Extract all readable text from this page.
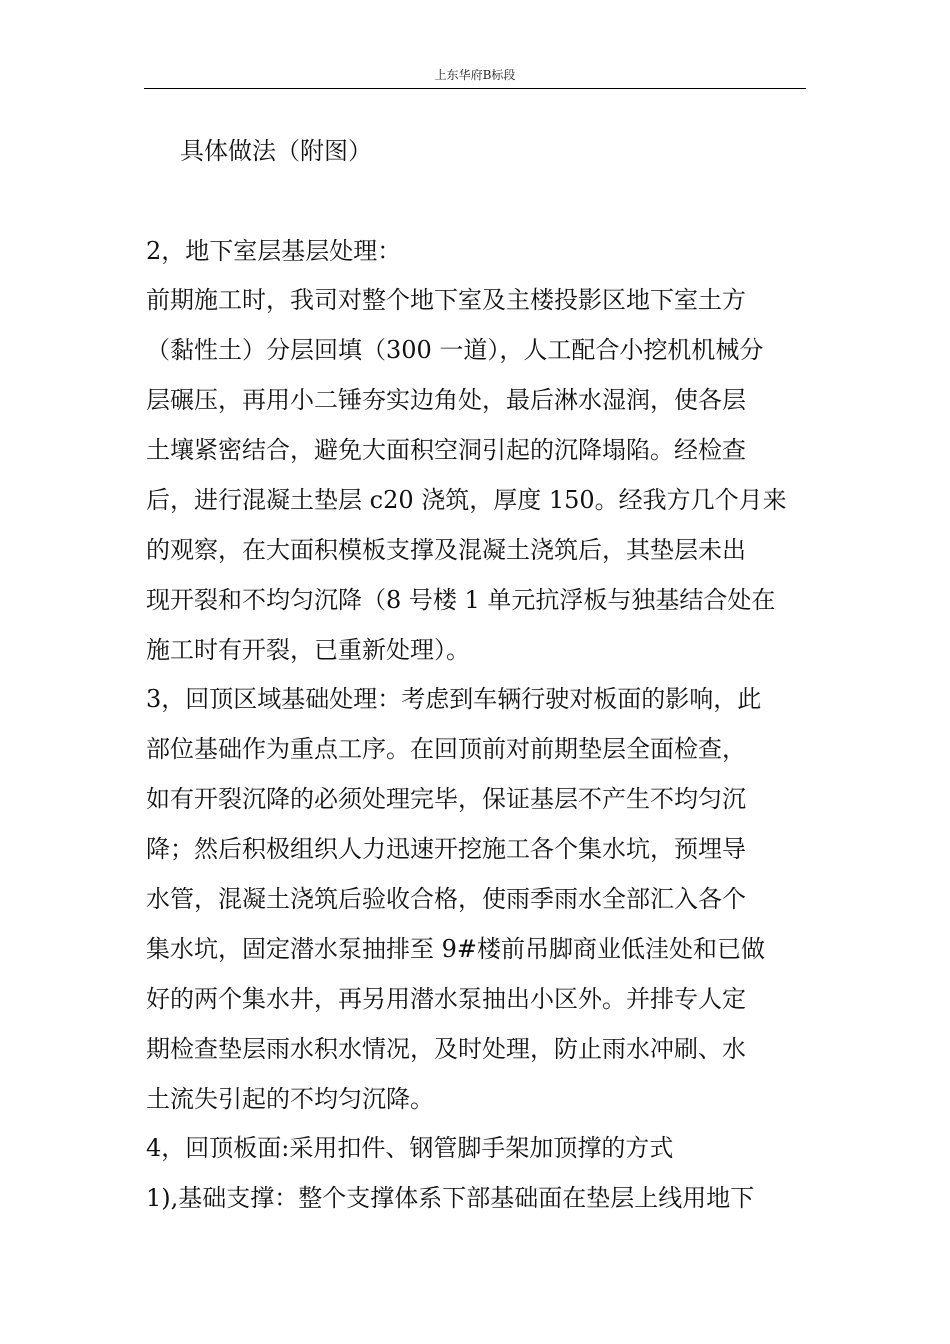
上东华府B标段
具体做法（附图）
2，地下室层基层处理：
前期施工时，我司对整个地下室及主楼投影区地下室土方
（黏性土）分层回填（300 一道），人工配合小挖机机械分
层碾压，再用小二锤夯实边角处，最后淋水湿润，使各层
土壤紧密结合，避免大面积空洞引起的沉降塌陷。经检查
后，进行混凝土垫层 c20 浇筑，厚度 150。经我方几个月来
的观察，在大面积模板支撑及混凝土浇筑后，其垫层未出
现开裂和不均匀沉降（8 号楼 1 单元抗浮板与独基结合处在
施工时有开裂，已重新处理）。
3，回顶区域基础处理：考虑到车辆行驶对板面的影响，此
部位基础作为重点工序。在回顶前对前期垫层全面检查，
如有开裂沉降的必须处理完毕，保证基层不产生不均匀沉
降；然后积极组织人力迅速开挖施工各个集水坑，预埋导
水管，混凝土浇筑后验收合格，使雨季雨水全部汇入各个
集水坑，固定潜水泵抽排至 9#楼前吊脚商业低洼处和已做
好的两个集水井，再另用潜水泵抽出小区外。并排专人定
期检查垫层雨水积水情况，及时处理，防止雨水冲刷、水
土流失引起的不均匀沉降。
4，回顶板面:采用扣件、钢管脚手架加顶撑的方式
1),基础支撑：整个支撑体系下部基础面在垫层上线用地下
